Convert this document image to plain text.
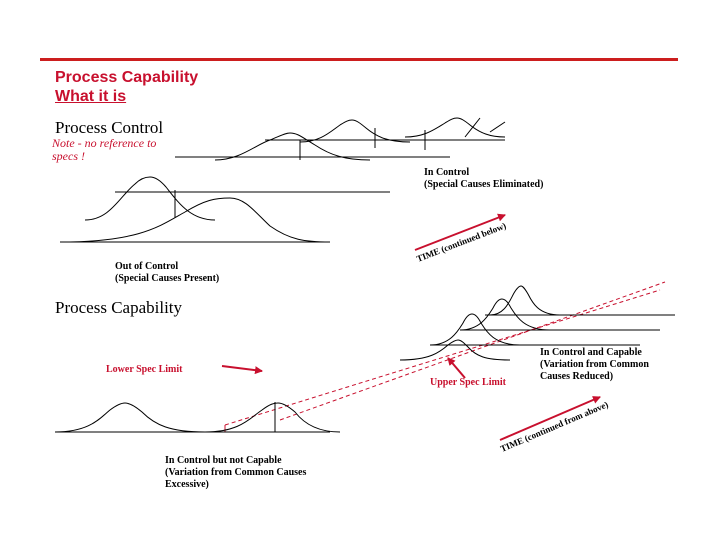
Process Capability
What it is
Process Control
Note - no reference to specs !
In Control
(Special Causes Eliminated)
Out of Control
(Special Causes Present)
Process Capability
Lower Spec Limit
Upper Spec Limit
In Control and Capable
(Variation from Common
Causes Reduced)
In Control but not Capable
(Variation from Common Causes
Excessive)
TIME (continued below)
TIME (continued from above)
